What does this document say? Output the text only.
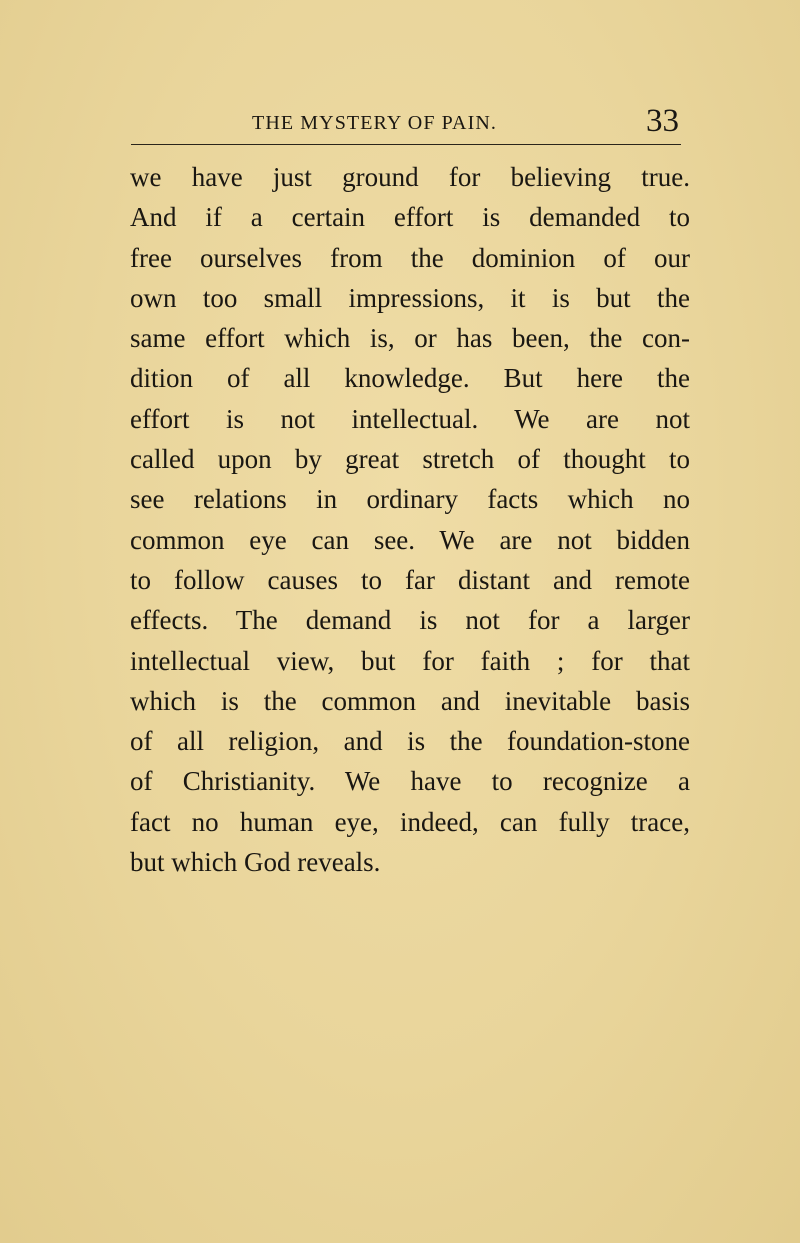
THE MYSTERY OF PAIN.	33
we have just ground for believing true.
And if a certain effort is demanded to
free ourselves from the dominion of our
own too small impressions, it is but the
same effort which is, or has been, the con-
dition of all knowledge. But here the
effort is not intellectual. We are not
called upon by great stretch of thought to
see relations in ordinary facts which no
common eye can see. We are not bidden
to follow causes to far distant and remote
effects. The demand is not for a larger
intellectual view, but for faith ; for that
which is the common and inevitable basis
of all religion, and is the foundation-stone
of Christianity. We have to recognize a
fact no human eye, indeed, can fully trace,
but which God reveals.
